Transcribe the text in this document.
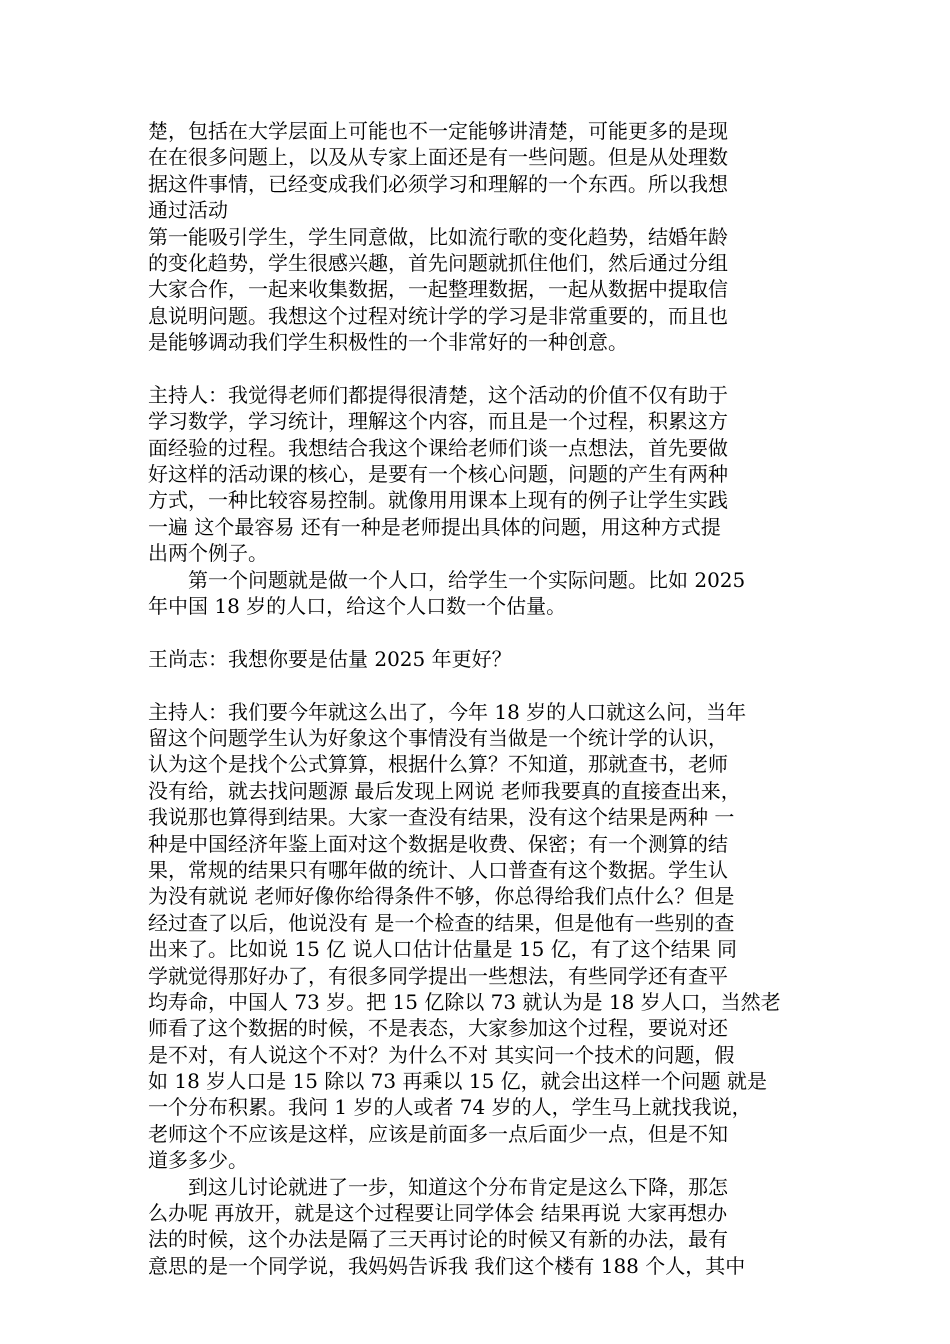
楚，包括在大学层面上可能也不一定能够讲清楚，可能更多的是现
在在很多问题上，以及从专家上面还是有一些问题。但是从处理数
据这件事情，已经变成我们必须学习和理解的一个东西。所以我想
通过活动
第一能吸引学生，学生同意做，比如流行歌的变化趋势，结婚年龄
的变化趋势，学生很感兴趣，首先问题就抓住他们，然后通过分组
大家合作，一起来收集数据，一起整理数据，一起从数据中提取信
息说明问题。我想这个过程对统计学的学习是非常重要的，而且也
是能够调动我们学生积极性的一个非常好的一种创意。
主持人：我觉得老师们都提得很清楚，这个活动的价值不仅有助于
学习数学，学习统计，理解这个内容，而且是一个过程，积累这方
面经验的过程。我想结合我这个课给老师们谈一点想法，首先要做
好这样的活动课的核心，是要有一个核心问题，问题的产生有两种
方式，一种比较容易控制。就像用用课本上现有的例子让学生实践
一遍 这个最容易 还有一种是老师提出具体的问题，用这种方式提
出两个例子。
　　第一个问题就是做一个人口，给学生一个实际问题。比如 2025
年中国 18 岁的人口，给这个人口数一个估量。
王尚志：我想你要是估量 2025 年更好？
主持人：我们要今年就这么出了，今年 18 岁的人口就这么问，当年
留这个问题学生认为好象这个事情没有当做是一个统计学的认识，
认为这个是找个公式算算，根据什么算？不知道，那就查书，老师
没有给，就去找问题源 最后发现上网说 老师我要真的直接查出来，
我说那也算得到结果。大家一查没有结果，没有这个结果是两种 一
种是中国经济年鉴上面对这个数据是收费、保密；有一个测算的结
果，常规的结果只有哪年做的统计、人口普查有这个数据。学生认
为没有就说 老师好像你给得条件不够，你总得给我们点什么？但是
经过查了以后，他说没有 是一个检查的结果，但是他有一些别的查
出来了。比如说 15 亿 说人口估计估量是 15 亿，有了这个结果 同
学就觉得那好办了，有很多同学提出一些想法，有些同学还有查平
均寿命，中国人 73 岁。把 15 亿除以 73 就认为是 18 岁人口，当然老
师看了这个数据的时候，不是表态，大家参加这个过程，要说对还
是不对，有人说这个不对？为什么不对 其实问一个技术的问题，假
如 18 岁人口是 15 除以 73 再乘以 15 亿，就会出这样一个问题 就是
一个分布积累。我问 1 岁的人或者 74 岁的人，学生马上就找我说，
老师这个不应该是这样，应该是前面多一点后面少一点，但是不知
道多多少。
　　到这儿讨论就进了一步，知道这个分布肯定是这么下降，那怎
么办呢 再放开，就是这个过程要让同学体会 结果再说 大家再想办
法的时候，这个办法是隔了三天再讨论的时候又有新的办法，最有
意思的是一个同学说，我妈妈告诉我 我们这个楼有 188 个人，其中
